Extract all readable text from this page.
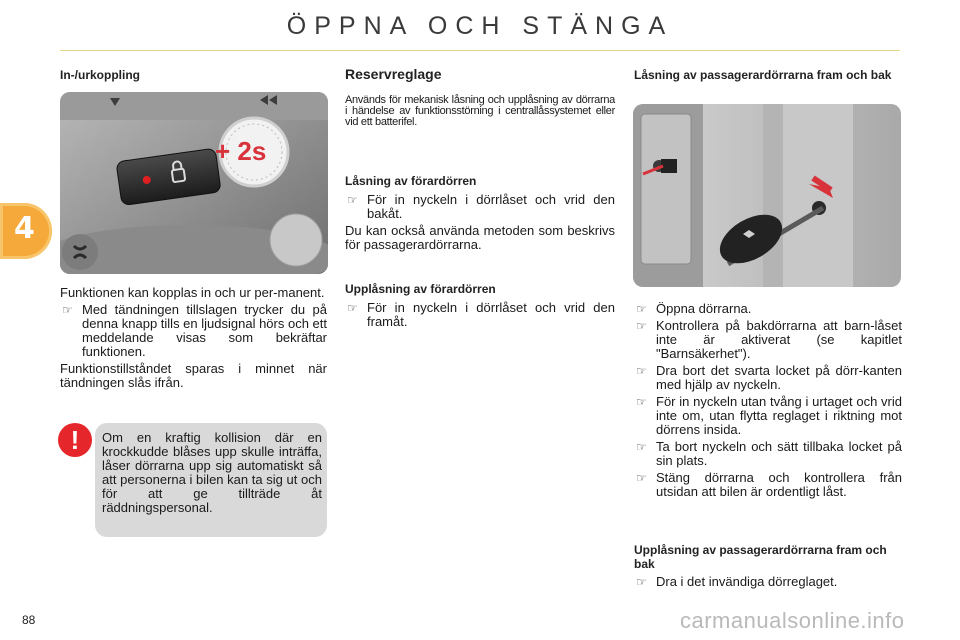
ÖPPNA OCH STÄNGA
4
In-/urkoppling
+ 2s

Funktionen kan kopplas in och ur per-manent.

☞ Med tändningen tillslagen trycker du på denna knapp tills en ljudsignal hörs och ett meddelande visas som bekräftar funktionen.

Funktionstillståndet sparas i minnet när tändningen slås ifrån.

!	Om en kraftig kollision där en krockkudde blåses upp skulle inträffa, låser dörrarna upp sig automatiskt så att personerna i bilen kan ta sig ut och för att ge tillträde åt räddningspersonal.
Reservreglage

Används för mekanisk låsning och upplåsning av dörrarna i händelse av funktionsstörning i centrallåssystemet eller vid ett batterifel.

Låsning av förardörren
☞ För in nyckeln i dörrlåset och vrid den bakåt.

Du kan också använda metoden som beskrivs för passagerardörrarna.

Upplåsning av förardörren
☞ För in nyckeln i dörrlåset och vrid den framåt.
Låsning av passagerardörrarna fram och bak
☞ Öppna dörrarna.
☞ Kontrollera på bakdörrarna att barn-låset inte är aktiverat (se kapitlet "Barnsäkerhet").
☞ Dra bort det svarta locket på dörr-kanten med hjälp av nyckeln.
☞ För in nyckeln utan tvång i urtaget och vrid inte om, utan flytta reglaget i riktning mot dörrens insida.
☞ Ta bort nyckeln och sätt tillbaka locket på sin plats.
☞ Stäng dörrarna och kontrollera från utsidan att bilen är ordentligt låst.
Upplåsning av passagerardörrarna fram och bak
☞ Dra i det invändiga dörreglaget.
88	carmanualsonline.info
